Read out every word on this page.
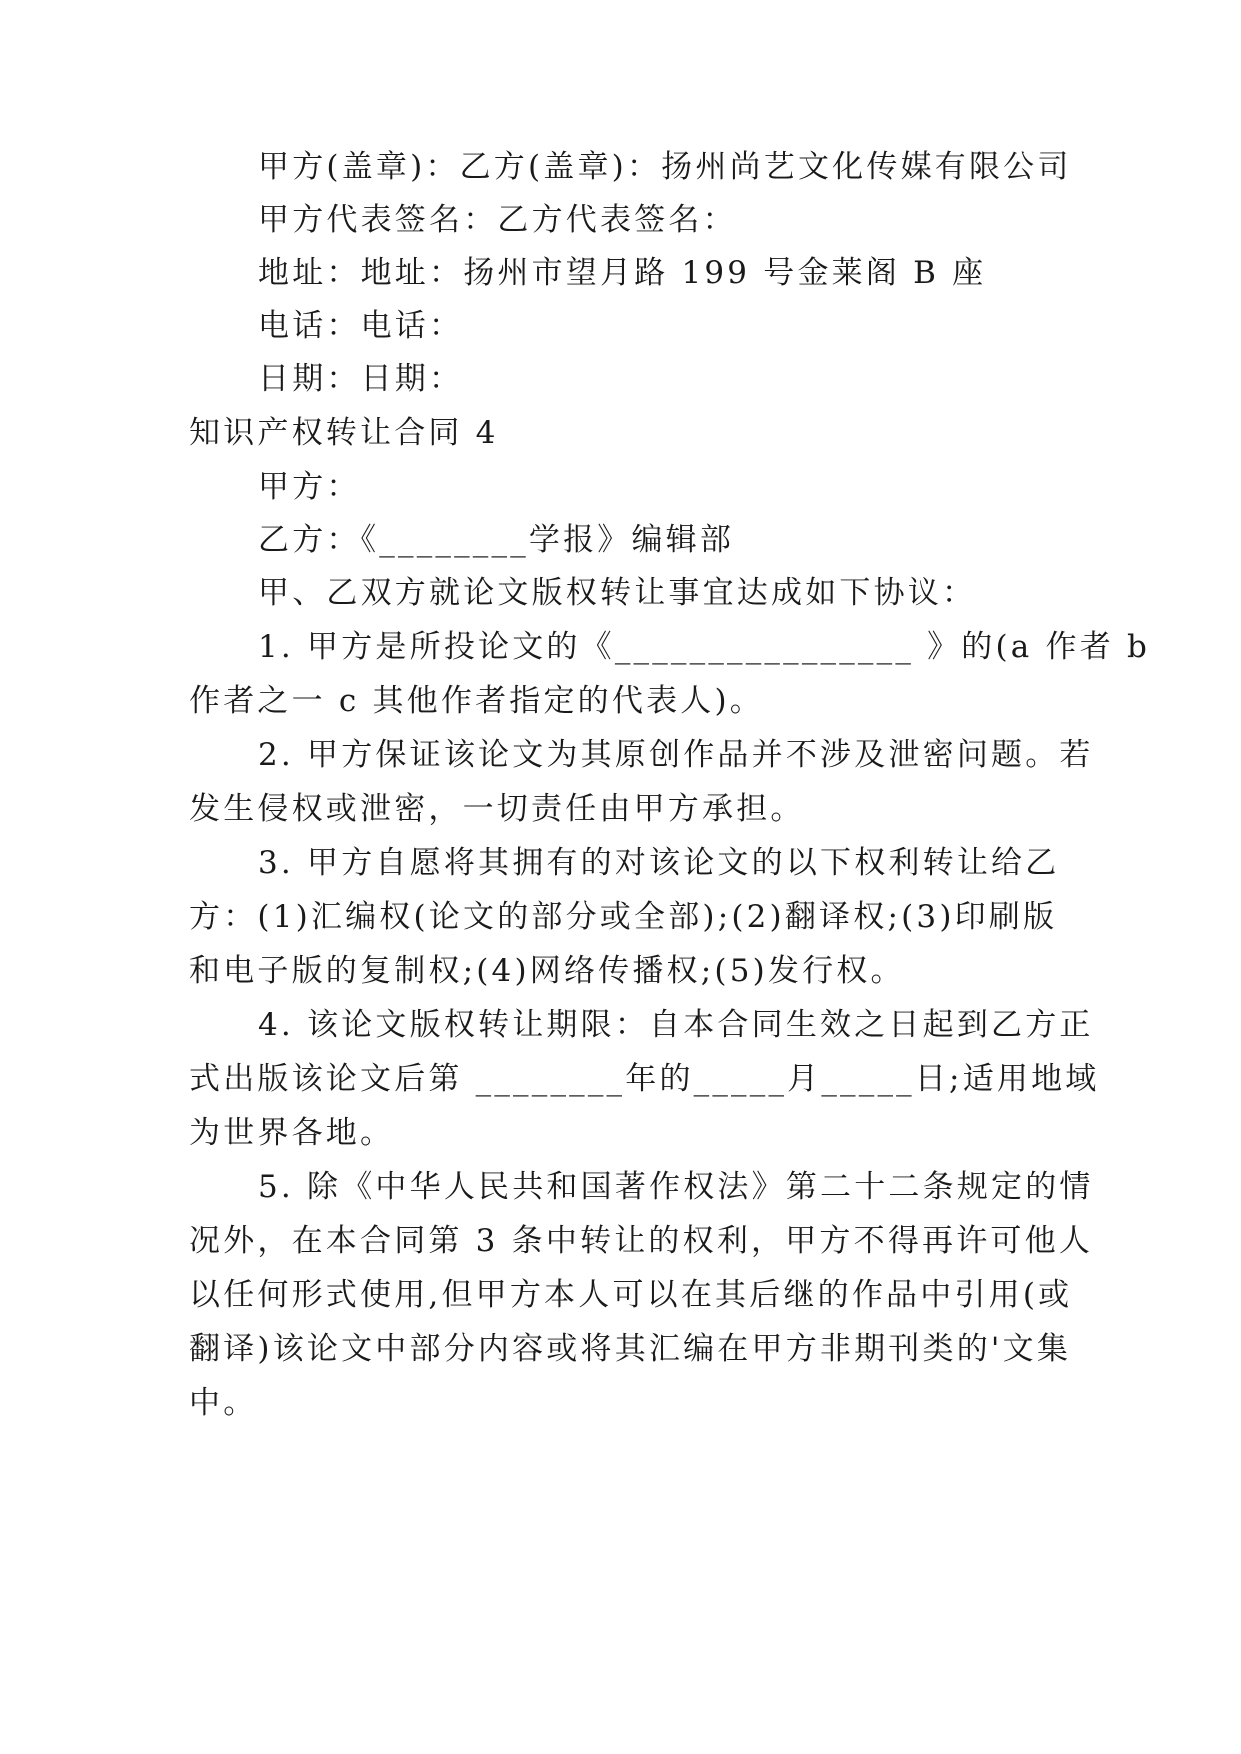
甲方(盖章)：乙方(盖章)：扬州尚艺文化传媒有限公司
甲方代表签名：乙方代表签名：
地址：地址：扬州市望月路 199 号金莱阁 B 座
电话：电话：
日期：日期：
知识产权转让合同 4
甲方：
乙方：《________学报》编辑部
甲、乙双方就论文版权转让事宜达成如下协议：
1. 甲方是所投论文的《________________ 》的(a 作者 b
作者之一 c 其他作者指定的代表人)。
2. 甲方保证该论文为其原创作品并不涉及泄密问题。若
发生侵权或泄密，一切责任由甲方承担。
3. 甲方自愿将其拥有的对该论文的以下权利转让给乙
方：(1)汇编权(论文的部分或全部);(2)翻译权;(3)印刷版
和电子版的复制权;(4)网络传播权;(5)发行权。
4. 该论文版权转让期限：自本合同生效之日起到乙方正
式出版该论文后第 ________年的_____月_____日;适用地域
为世界各地。
5. 除《中华人民共和国著作权法》第二十二条规定的情
况外，在本合同第 3 条中转让的权利，甲方不得再许可他人
以任何形式使用,但甲方本人可以在其后继的作品中引用(或
翻译)该论文中部分内容或将其汇编在甲方非期刊类的'文集
中。
